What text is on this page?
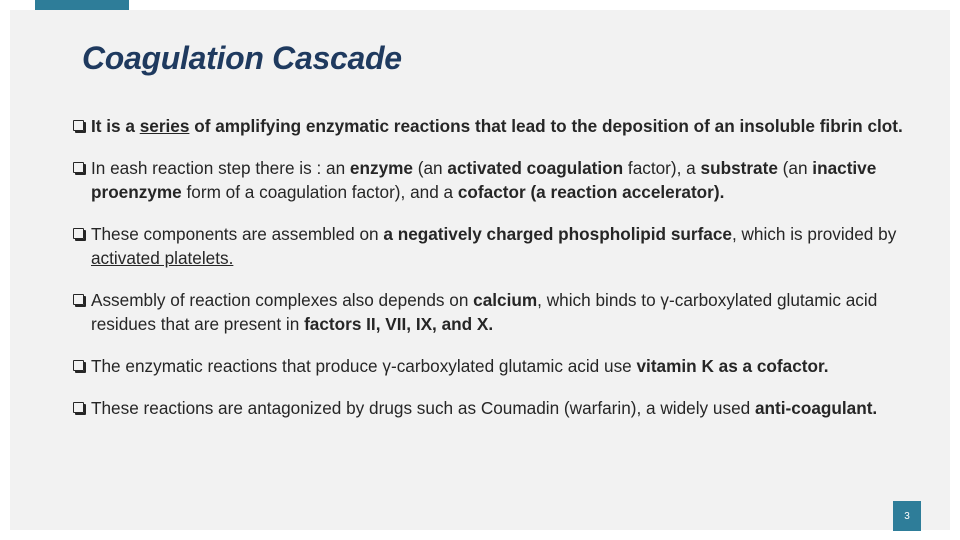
Coagulation Cascade
It is a series of amplifying enzymatic reactions that lead to the deposition of an insoluble fibrin clot.
In eash reaction step there is : an enzyme (an activated coagulation factor), a substrate (an inactive proenzyme form of a coagulation factor), and a cofactor (a reaction accelerator).
These components are assembled on a negatively charged phospholipid surface, which is provided by activated platelets.
Assembly of reaction complexes also depends on calcium, which binds to γ-carboxylated glutamic acid residues that are present in factors II, VII, IX, and X.
The enzymatic reactions that produce γ-carboxylated glutamic acid use vitamin K as a cofactor.
These reactions are antagonized by drugs such as Coumadin (warfarin), a widely used anti-coagulant.
3
